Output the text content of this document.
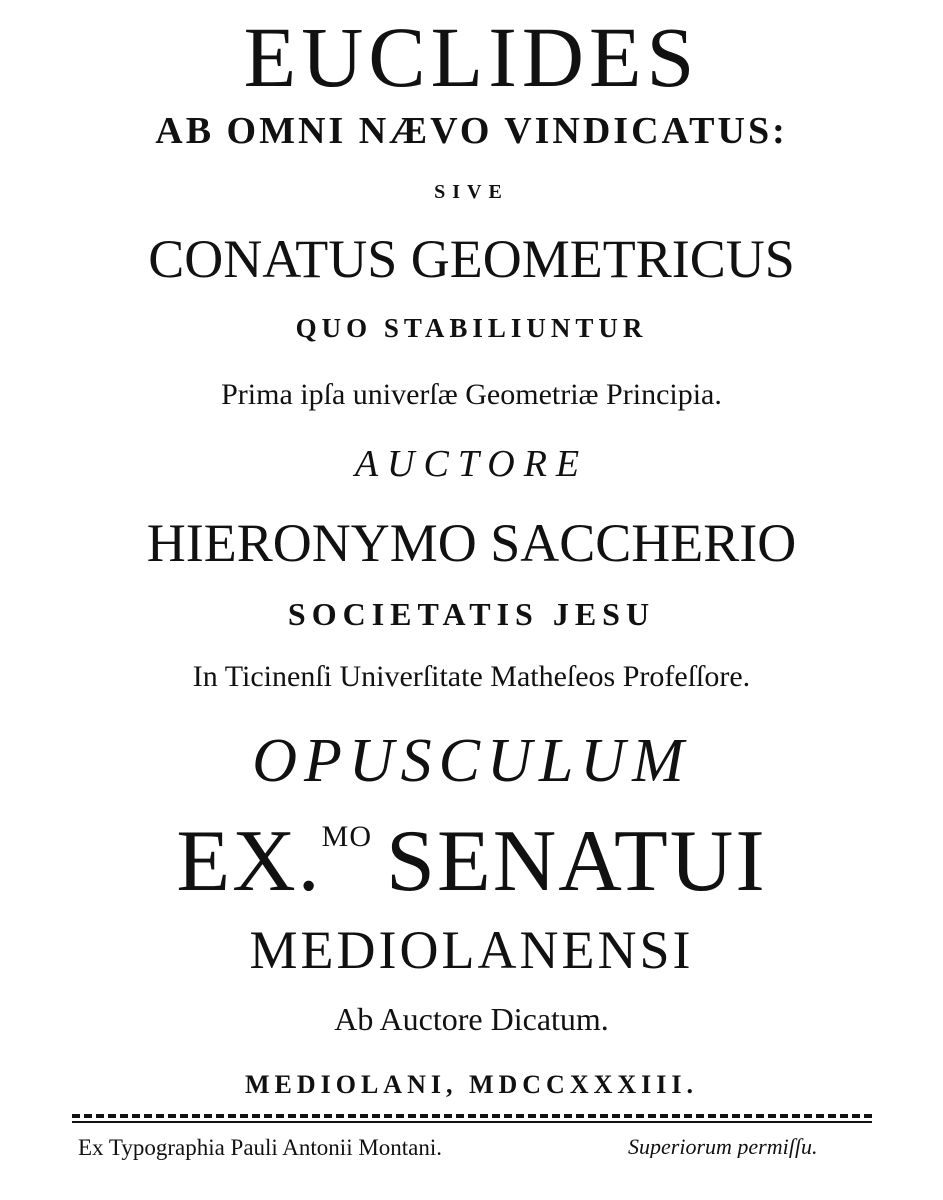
EUCLIDES
AB OMNI NÆVO VINDICATUS:
SIVE
CONATUS GEOMETRICUS
QUO STABILIUNTUR
Prima ipſa univerſæ Geometriæ Principia.
AUCTORE
HIERONYMO SACCHERIO
SOCIETATIS JESU
In Ticinenſi Univerſitate Matheſeos Profeſſore.
OPUSCULUM
EX.$^{MO}$ SENATUI
MEDIOLANENSI
Ab Auctore Dicatum.
MEDIOLANI, MDCCXXXIII.
Ex Typographia Pauli Antonii Montani.	Superiorum permiſſu.
